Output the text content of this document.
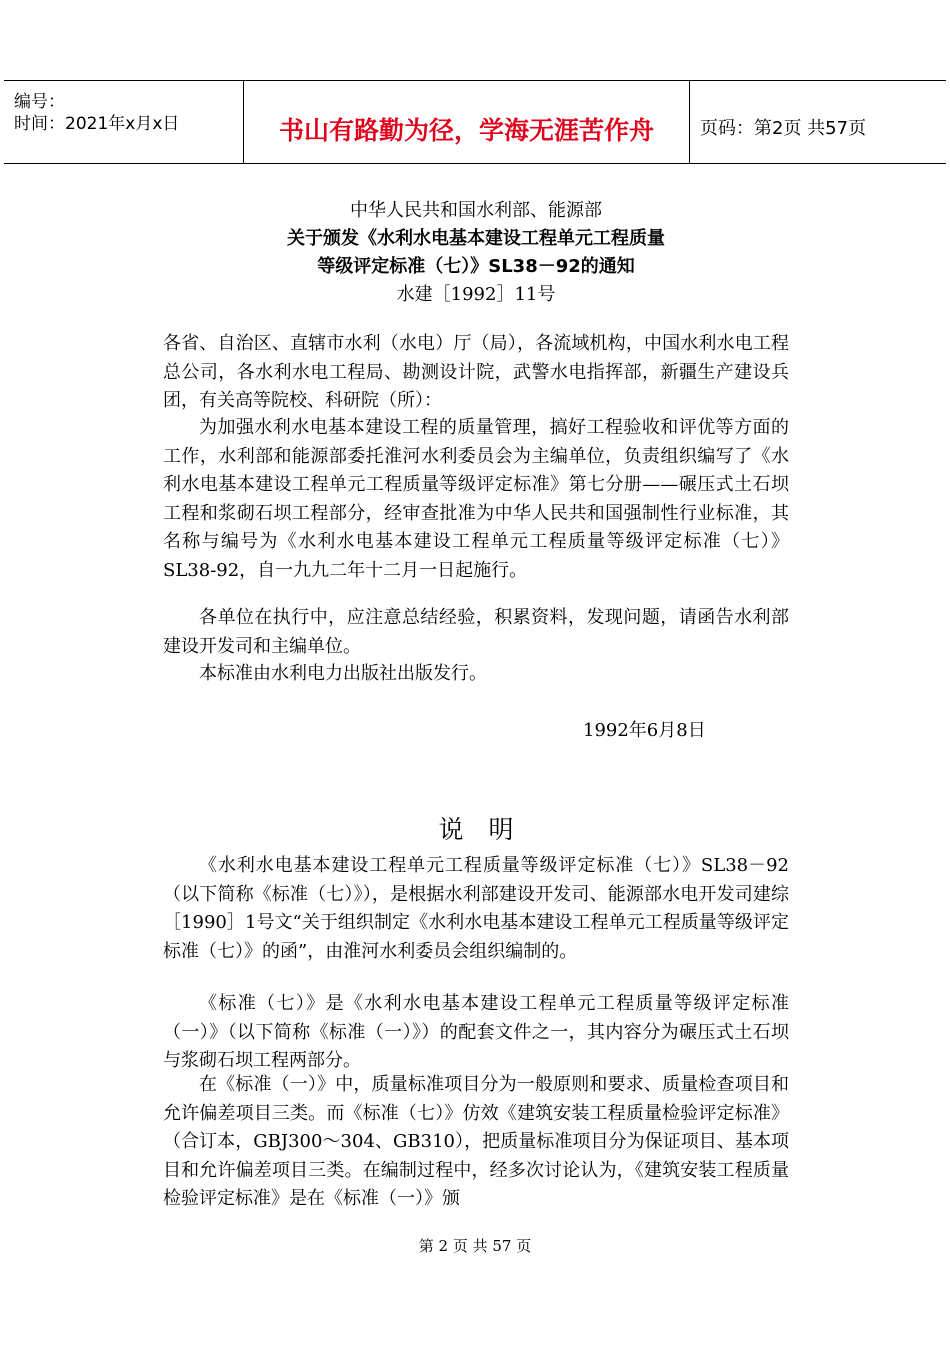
编号：
时间：2021年x月x日	书山有路勤为径，学海无涯苦作舟	页码：第2页 共57页
中华人民共和国水利部、能源部
关于颁发《水利水电基本建设工程单元工程质量
等级评定标准（七）》SL38－92的通知
水建［1992］11号

各省、自治区、直辖市水利（水电）厅（局），各流域机构，中国水利水电工程总公司，各水利水电工程局、勘测设计院，武警水电指挥部，新疆生产建设兵团，有关高等院校、科研院（所）：

为加强水利水电基本建设工程的质量管理，搞好工程验收和评优等方面的工作，水利部和能源部委托淮河水利委员会为主编单位，负责组织编写了《水利水电基本建设工程单元工程质量等级评定标准》第七分册——碾压式土石坝工程和浆砌石坝工程部分，经审查批准为中华人民共和国强制性行业标准，其名称与编号为《水利水电基本建设工程单元工程质量等级评定标准（七）》SL38-92，自一九九二年十二月一日起施行。

各单位在执行中，应注意总结经验，积累资料，发现问题，请函告水利部建设开发司和主编单位。

本标准由水利电力出版社出版发行。

1992年6月8日
说　明

《水利水电基本建设工程单元工程质量等级评定标准（七）》SL38－92（以下简称《标准（七）》），是根据水利部建设开发司、能源部水电开发司建综［1990］1号文“关于组织制定《水利水电基本建设工程单元工程质量等级评定标准（七）》的函”，由淮河水利委员会组织编制的。

《标准（七）》是《水利水电基本建设工程单元工程质量等级评定标准（一）》（以下简称《标准（一）》）的配套文件之一，其内容分为碾压式土石坝与浆砌石坝工程两部分。

在《标准（一）》中，质量标准项目分为一般原则和要求、质量检查项目和允许偏差项目三类。而《标准（七）》仿效《建筑安装工程质量检验评定标准》（合订本，GBJ300～304、GB310），把质量标准项目分为保证项目、基本项目和允许偏差项目三类。在编制过程中，经多次讨论认为，《建筑安装工程质量检验评定标准》是在《标准（一）》颁

第 2 页 共 57 页
